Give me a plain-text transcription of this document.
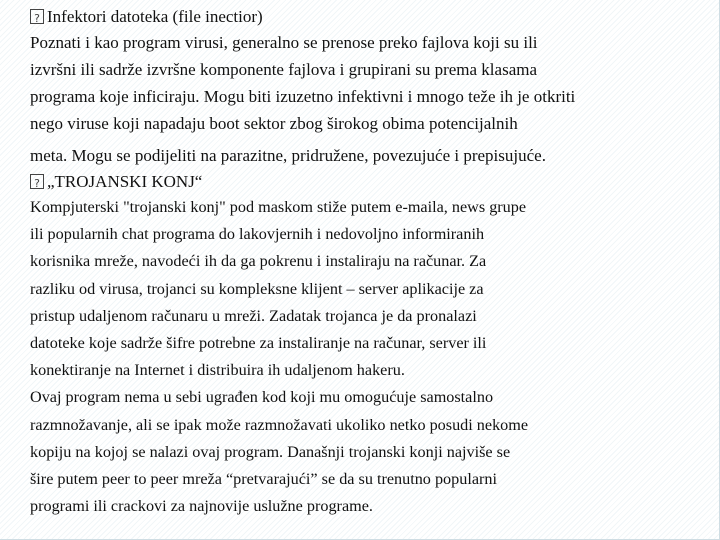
?Infektori datoteka (file inectior)
Poznati i kao program virusi, generalno se prenose preko fajlova koji su ili
izvršni ili sadrže izvršne komponente fajlova i grupirani su prema klasama
programa koje inficiraju. Mogu biti izuzetno infektivni i mnogo teže ih je otkriti
nego viruse koji napadaju boot sektor zbog širokog obima potencijalnih
meta. Mogu se podijeliti na parazitne, pridružene, povezujuće i prepisujuće.
?„TROJANSKI KONJ“
Kompjuterski "trojanski konj" pod maskom stiže putem e-maila, news grupe
ili popularnih chat programa do lakovjernih i nedovoljno informiranih
korisnika mreže, navodeći ih da ga pokrenu i instaliraju na računar. Za
razliku od virusa, trojanci su kompleksne klijent – server aplikacije za
pristup udaljenom računaru u mreži. Zadatak trojanca je da pronalazi
datoteke koje sadrže šifre potrebne za instaliranje na računar, server ili
konektiranje na Internet i distribuira ih udaljenom hakeru.
Ovaj program nema u sebi ugrađen kod koji mu omogućuje samostalno
razmnožavanje, ali se ipak može razmnožavati ukoliko netko posudi nekome
kopiju na kojoj se nalazi ovaj program. Današnji trojanski konji najviše se
šire putem peer to peer mreža “pretvarajući” se da su trenutno popularni
programi ili crackovi za najnovije uslužne programe.
